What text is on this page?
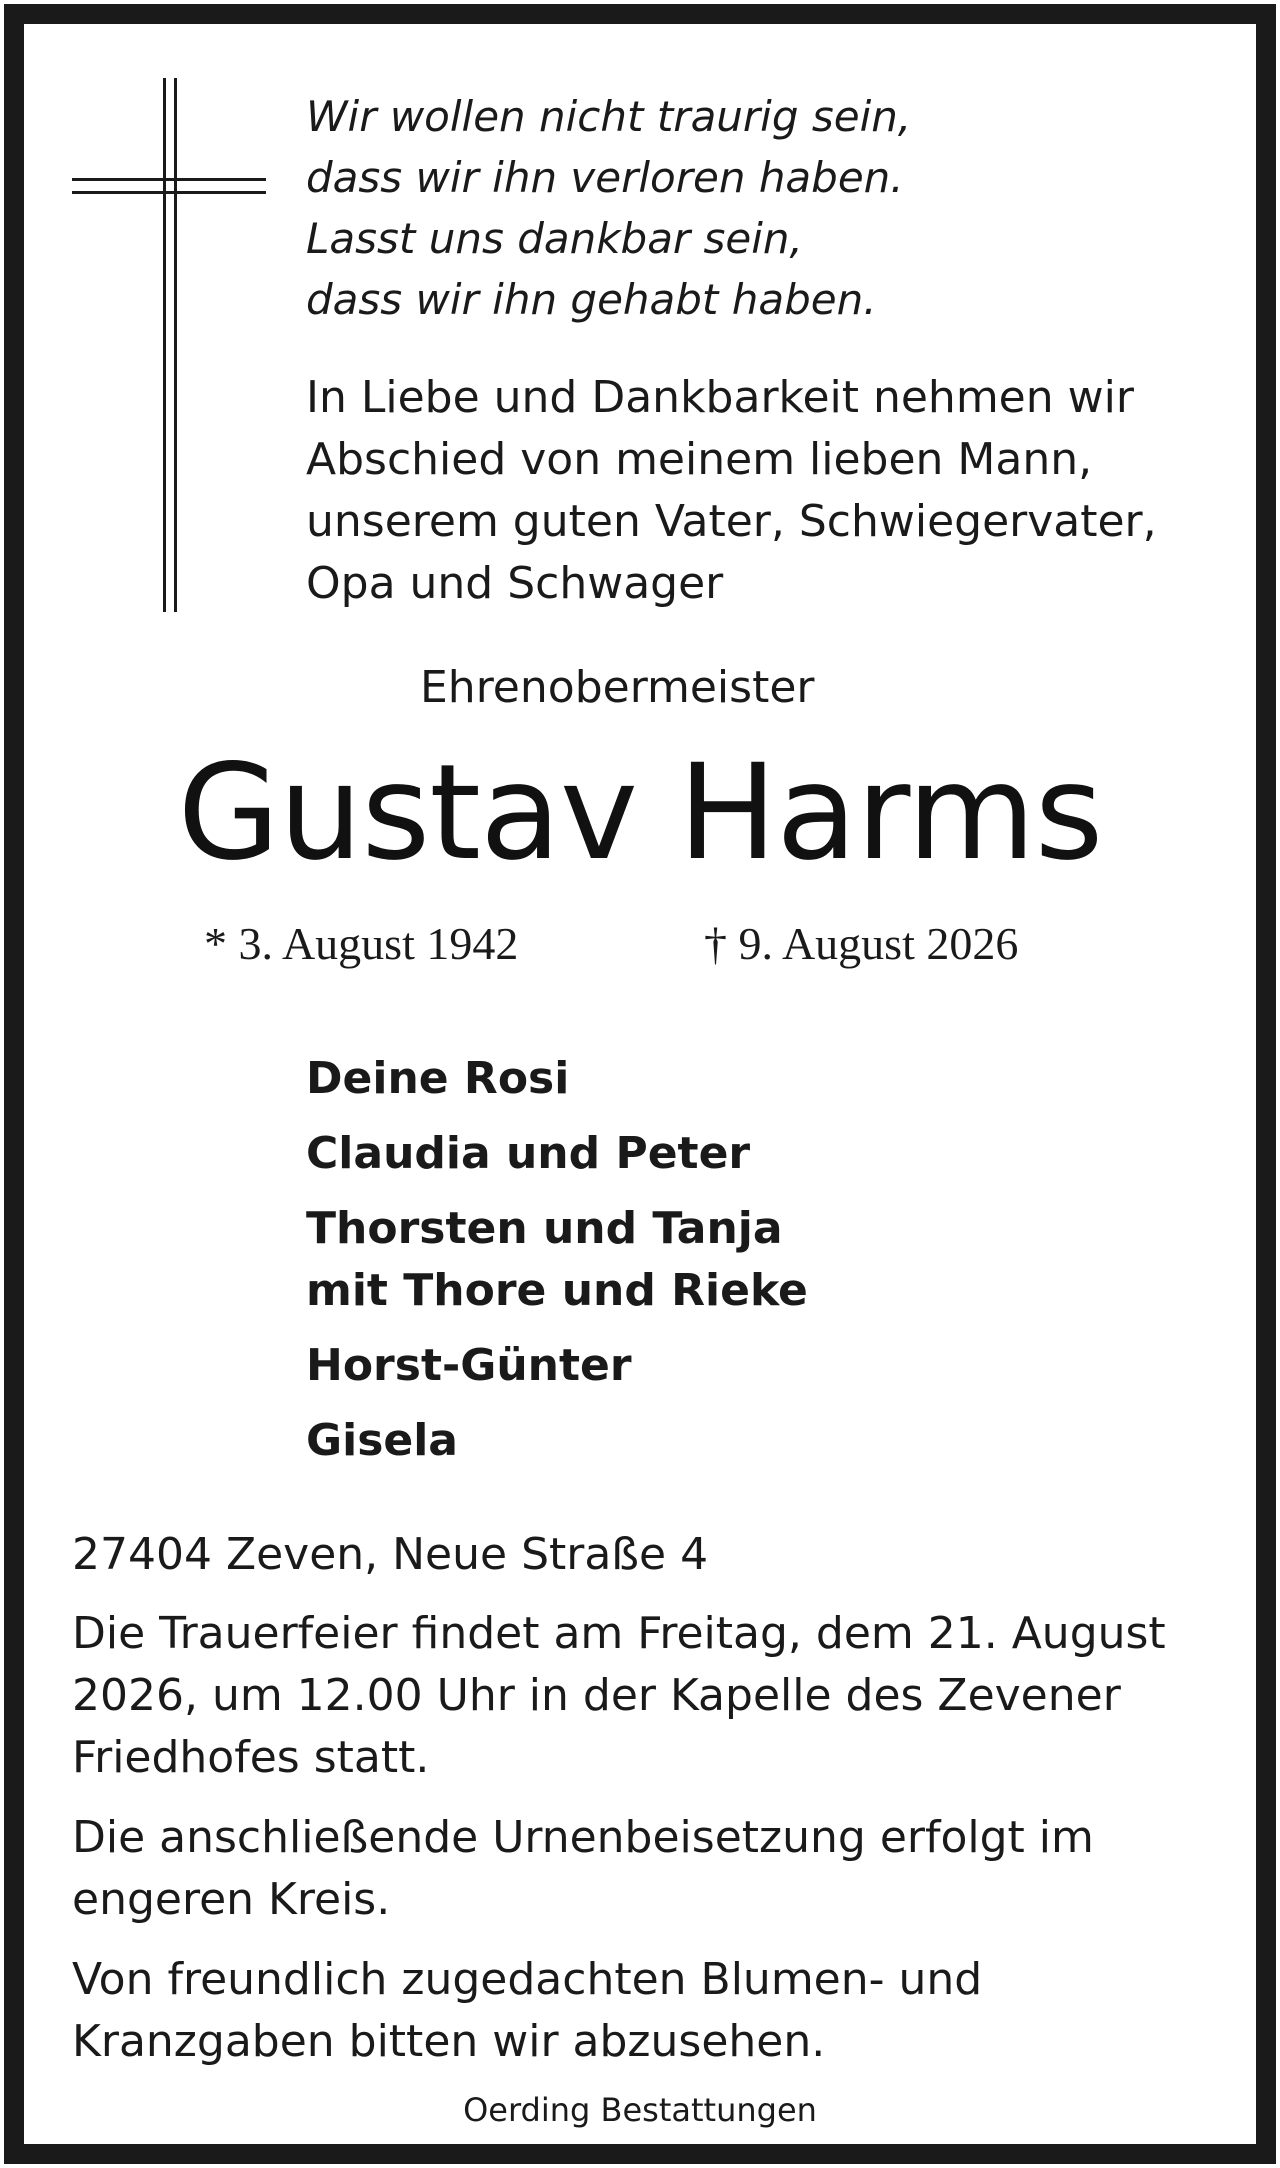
Wir wollen nicht traurig sein,
dass wir ihn verloren haben.
Lasst uns dankbar sein,
dass wir ihn gehabt haben.
In Liebe und Dankbarkeit nehmen wir
Abschied von meinem lieben Mann,
unserem guten Vater, Schwiegervater,
Opa und Schwager
Ehrenobermeister
Gustav Harms
* 3. August 1942	† 9. August 2026
Deine Rosi
Claudia und Peter
Thorsten und Tanja
mit Thore und Rieke
Horst-Günter
Gisela
27404 Zeven, Neue Straße 4
Die Trauerfeier findet am Freitag, dem 21. August
2026, um 12.00 Uhr in der Kapelle des Zevener
Friedhofes statt.
Die anschließende Urnenbeisetzung erfolgt im
engeren Kreis.
Von freundlich zugedachten Blumen- und
Kranzgaben bitten wir abzusehen.
Oerding Bestattungen
